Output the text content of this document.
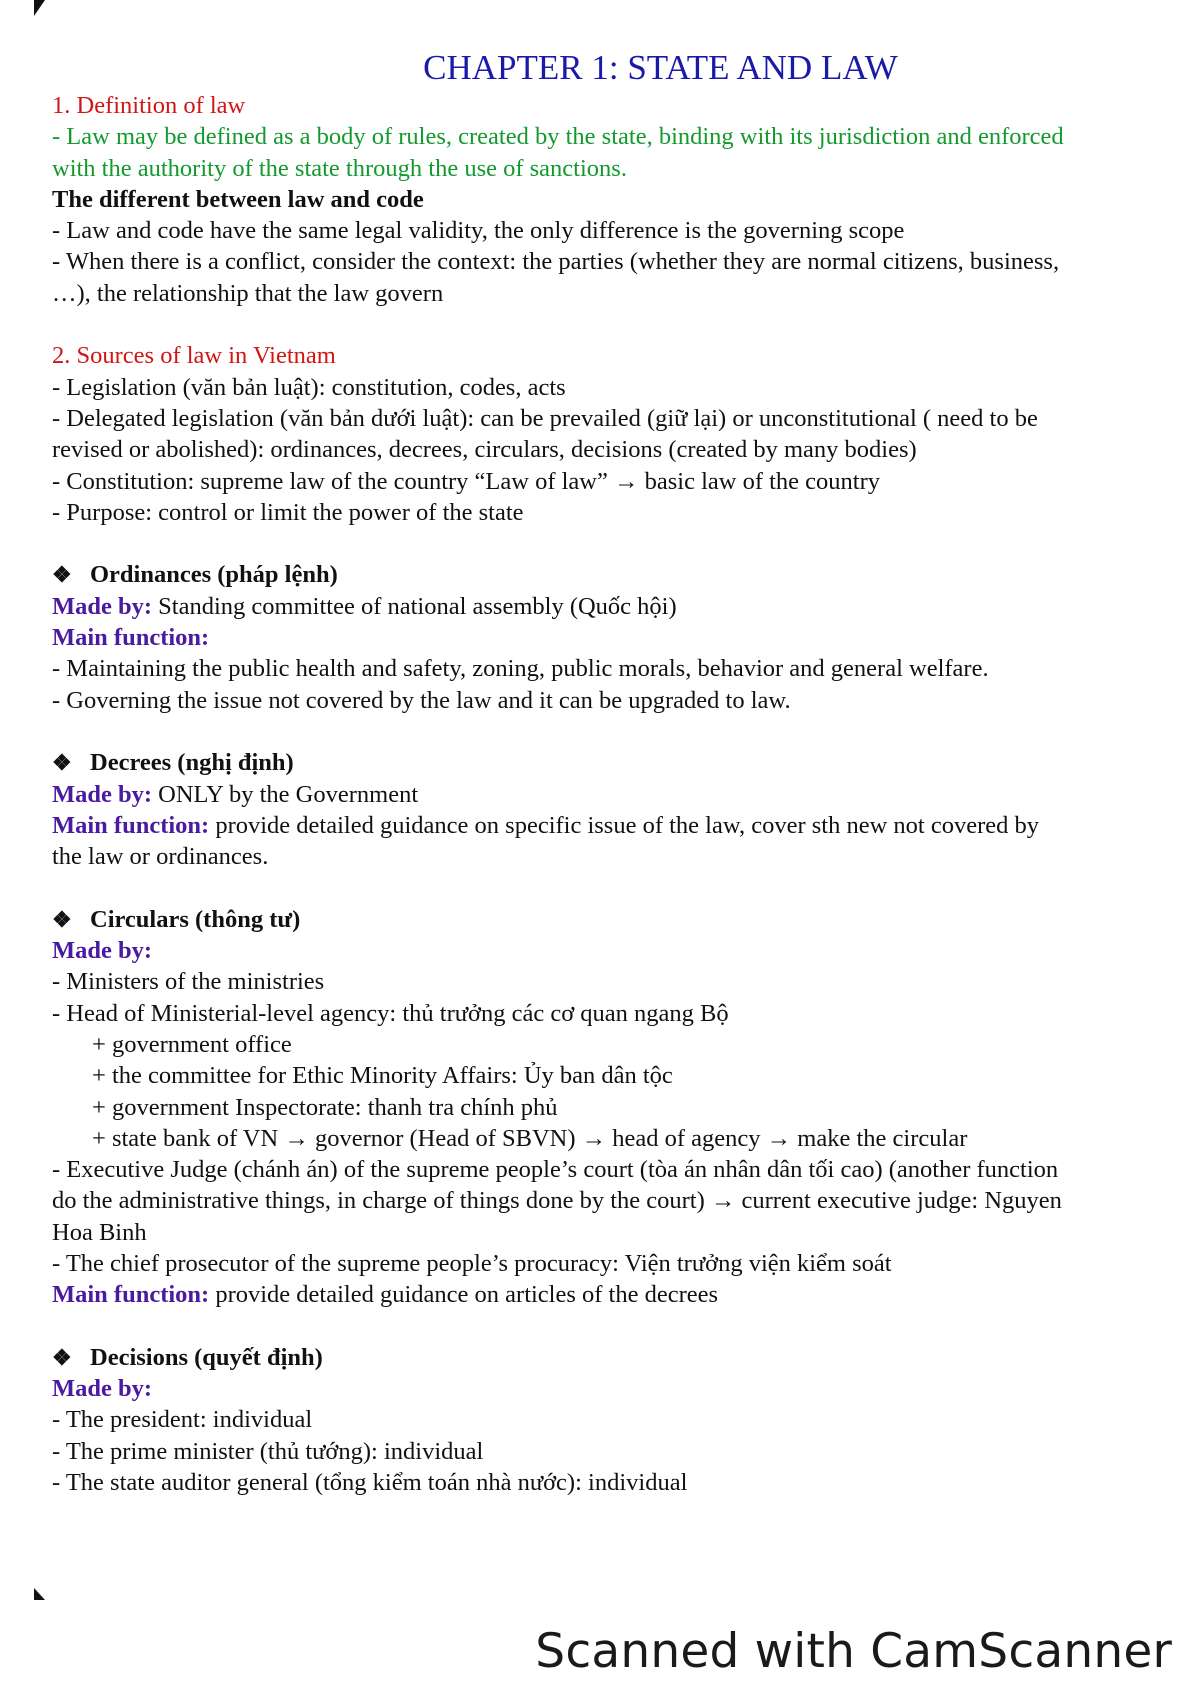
CHAPTER 1: STATE AND LAW
1. Definition of law
- Law may be defined as a body of rules, created by the state, binding with its jurisdiction and enforced
with the authority of the state through the use of sanctions.
The different between law and code
- Law and code have the same legal validity, the only difference is the governing scope
- When there is a conflict, consider the context: the parties (whether they are normal citizens, business,
…), the relationship that the law govern
2. Sources of law in Vietnam
- Legislation (văn bản luật): constitution, codes, acts
- Delegated legislation (văn bản dưới luật): can be prevailed (giữ lại) or unconstitutional ( need to be
revised or abolished): ordinances, decrees, circulars, decisions (created by many bodies)
- Constitution: supreme law of the country “Law of law” → basic law of the country
- Purpose: control or limit the power of the state
❖ Ordinances (pháp lệnh)
Made by: Standing committee of national assembly (Quốc hội)
Main function:
- Maintaining the public health and safety, zoning, public morals, behavior and general welfare.
- Governing the issue not covered by the law and it can be upgraded to law.
❖ Decrees (nghị định)
Made by: ONLY by the Government
Main function: provide detailed guidance on specific issue of the law, cover sth new not covered by
the law or ordinances.
❖ Circulars (thông tư)
Made by:
- Ministers of the ministries
- Head of Ministerial-level agency: thủ trưởng các cơ quan ngang Bộ
+ government office
+ the committee for Ethic Minority Affairs: Ủy ban dân tộc
+ government Inspectorate: thanh tra chính phủ
+ state bank of VN → governor (Head of SBVN) → head of agency → make the circular
- Executive Judge (chánh án) of the supreme people’s court (tòa án nhân dân tối cao) (another function
do the administrative things, in charge of things done by the court) → current executive judge: Nguyen
Hoa Binh
- The chief prosecutor of the supreme people’s procuracy: Viện trưởng viện kiểm soát
Main function: provide detailed guidance on articles of the decrees
❖ Decisions (quyết định)
Made by:
- The president: individual
- The prime minister (thủ tướng): individual
- The state auditor general (tổng kiểm toán nhà nước): individual
Scanned with CamScanner
